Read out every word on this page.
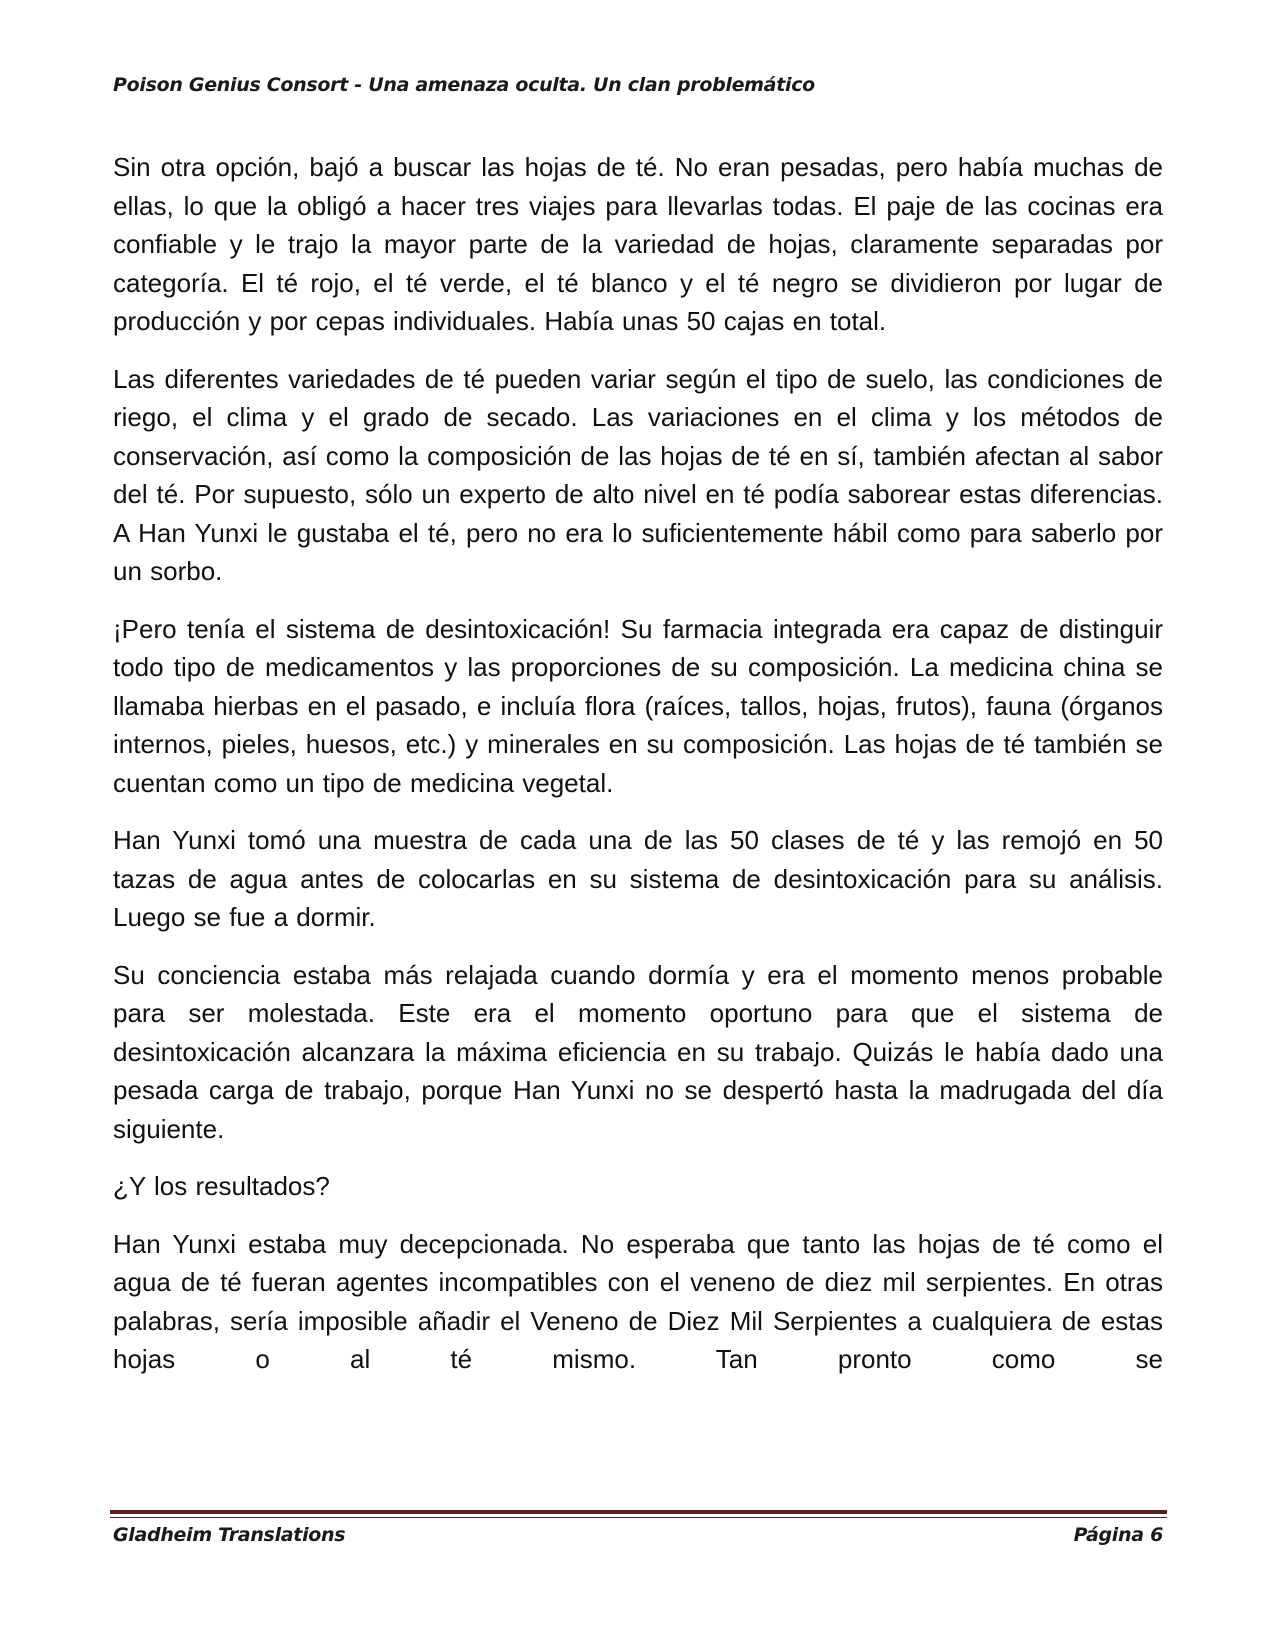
Poison Genius Consort - Una amenaza oculta. Un clan problemático

Sin otra opción, bajó a buscar las hojas de té. No eran pesadas, pero había muchas de ellas, lo que la obligó a hacer tres viajes para llevarlas todas. El paje de las cocinas era confiable y le trajo la mayor parte de la variedad de hojas, claramente separadas por categoría. El té rojo, el té verde, el té blanco y el té negro se dividieron por lugar de producción y por cepas individuales. Había unas 50 cajas en total.

Las diferentes variedades de té pueden variar según el tipo de suelo, las condiciones de riego, el clima y el grado de secado. Las variaciones en el clima y los métodos de conservación, así como la composición de las hojas de té en sí, también afectan al sabor del té. Por supuesto, sólo un experto de alto nivel en té podía saborear estas diferencias. A Han Yunxi le gustaba el té, pero no era lo suficientemente hábil como para saberlo por un sorbo.

¡Pero tenía el sistema de desintoxicación! Su farmacia integrada era capaz de distinguir todo tipo de medicamentos y las proporciones de su composición. La medicina china se llamaba hierbas en el pasado, e incluía flora (raíces, tallos, hojas, frutos), fauna (órganos internos, pieles, huesos, etc.) y minerales en su composición. Las hojas de té también se cuentan como un tipo de medicina vegetal.

Han Yunxi tomó una muestra de cada una de las 50 clases de té y las remojó en 50 tazas de agua antes de colocarlas en su sistema de desintoxicación para su análisis. Luego se fue a dormir.

Su conciencia estaba más relajada cuando dormía y era el momento menos probable para ser molestada. Este era el momento oportuno para que el sistema de desintoxicación alcanzara la máxima eficiencia en su trabajo. Quizás le había dado una pesada carga de trabajo, porque Han Yunxi no se despertó hasta la madrugada del día siguiente.

¿Y los resultados?

Han Yunxi estaba muy decepcionada. No esperaba que tanto las hojas de té como el agua de té fueran agentes incompatibles con el veneno de diez mil serpientes. En otras palabras, sería imposible añadir el Veneno de Diez Mil Serpientes a cualquiera de estas hojas o al té mismo. Tan pronto como se

Gladheim Translations	Página 6
